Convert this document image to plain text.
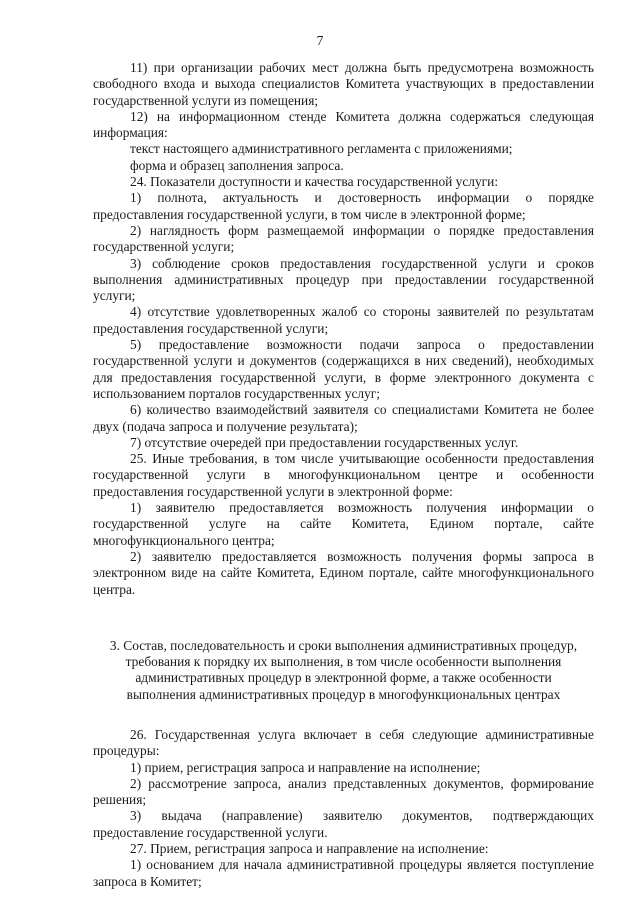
7

11) при организации рабочих мест должна быть предусмотрена возможность свободного входа и выхода специалистов Комитета участвующих в предоставлении государственной услуги из помещения;

12) на информационном стенде Комитета должна содержаться следующая информация:

текст настоящего административного регламента с приложениями;

форма и образец заполнения запроса.

24. Показатели доступности и качества государственной услуги:

1) полнота, актуальность и достоверность информации о порядке предоставления государственной услуги, в том числе в электронной форме;

2) наглядность форм размещаемой информации о порядке предоставления государственной услуги;

3) соблюдение сроков предоставления государственной услуги и сроков выполнения административных процедур при предоставлении государственной услуги;

4) отсутствие удовлетворенных жалоб со стороны заявителей по результатам предоставления государственной услуги;

5) предоставление возможности подачи запроса о предоставлении государственной услуги и документов (содержащихся в них сведений), необходимых для предоставления государственной услуги, в форме электронного документа с использованием порталов государственных услуг;

6) количество взаимодействий заявителя со специалистами Комитета не более двух (подача запроса и получение результата);

7) отсутствие очередей при предоставлении государственных услуг.

25. Иные требования, в том числе учитывающие особенности предоставления государственной услуги в многофункциональном центре и особенности предоставления государственной услуги в электронной форме:

1) заявителю предоставляется возможность получения информации о государственной услуге на сайте Комитета, Едином портале, сайте многофункционального центра;

2) заявителю предоставляется возможность получения формы запроса в электронном виде на сайте Комитета, Едином портале, сайте многофункционального центра.

3. Состав, последовательность и сроки выполнения административных процедур,
требования к порядку их выполнения, в том числе особенности выполнения
административных процедур в электронной форме, а также особенности
выполнения административных процедур в многофункциональных центрах

26. Государственная услуга включает в себя следующие административные процедуры:

1) прием, регистрация запроса и направление на исполнение;

2) рассмотрение запроса, анализ представленных документов, формирование решения;

3) выдача (направление) заявителю документов, подтверждающих предоставление государственной услуги.

27. Прием, регистрация запроса и направление на исполнение:

1) основанием для начала административной процедуры является поступление запроса в Комитет;
